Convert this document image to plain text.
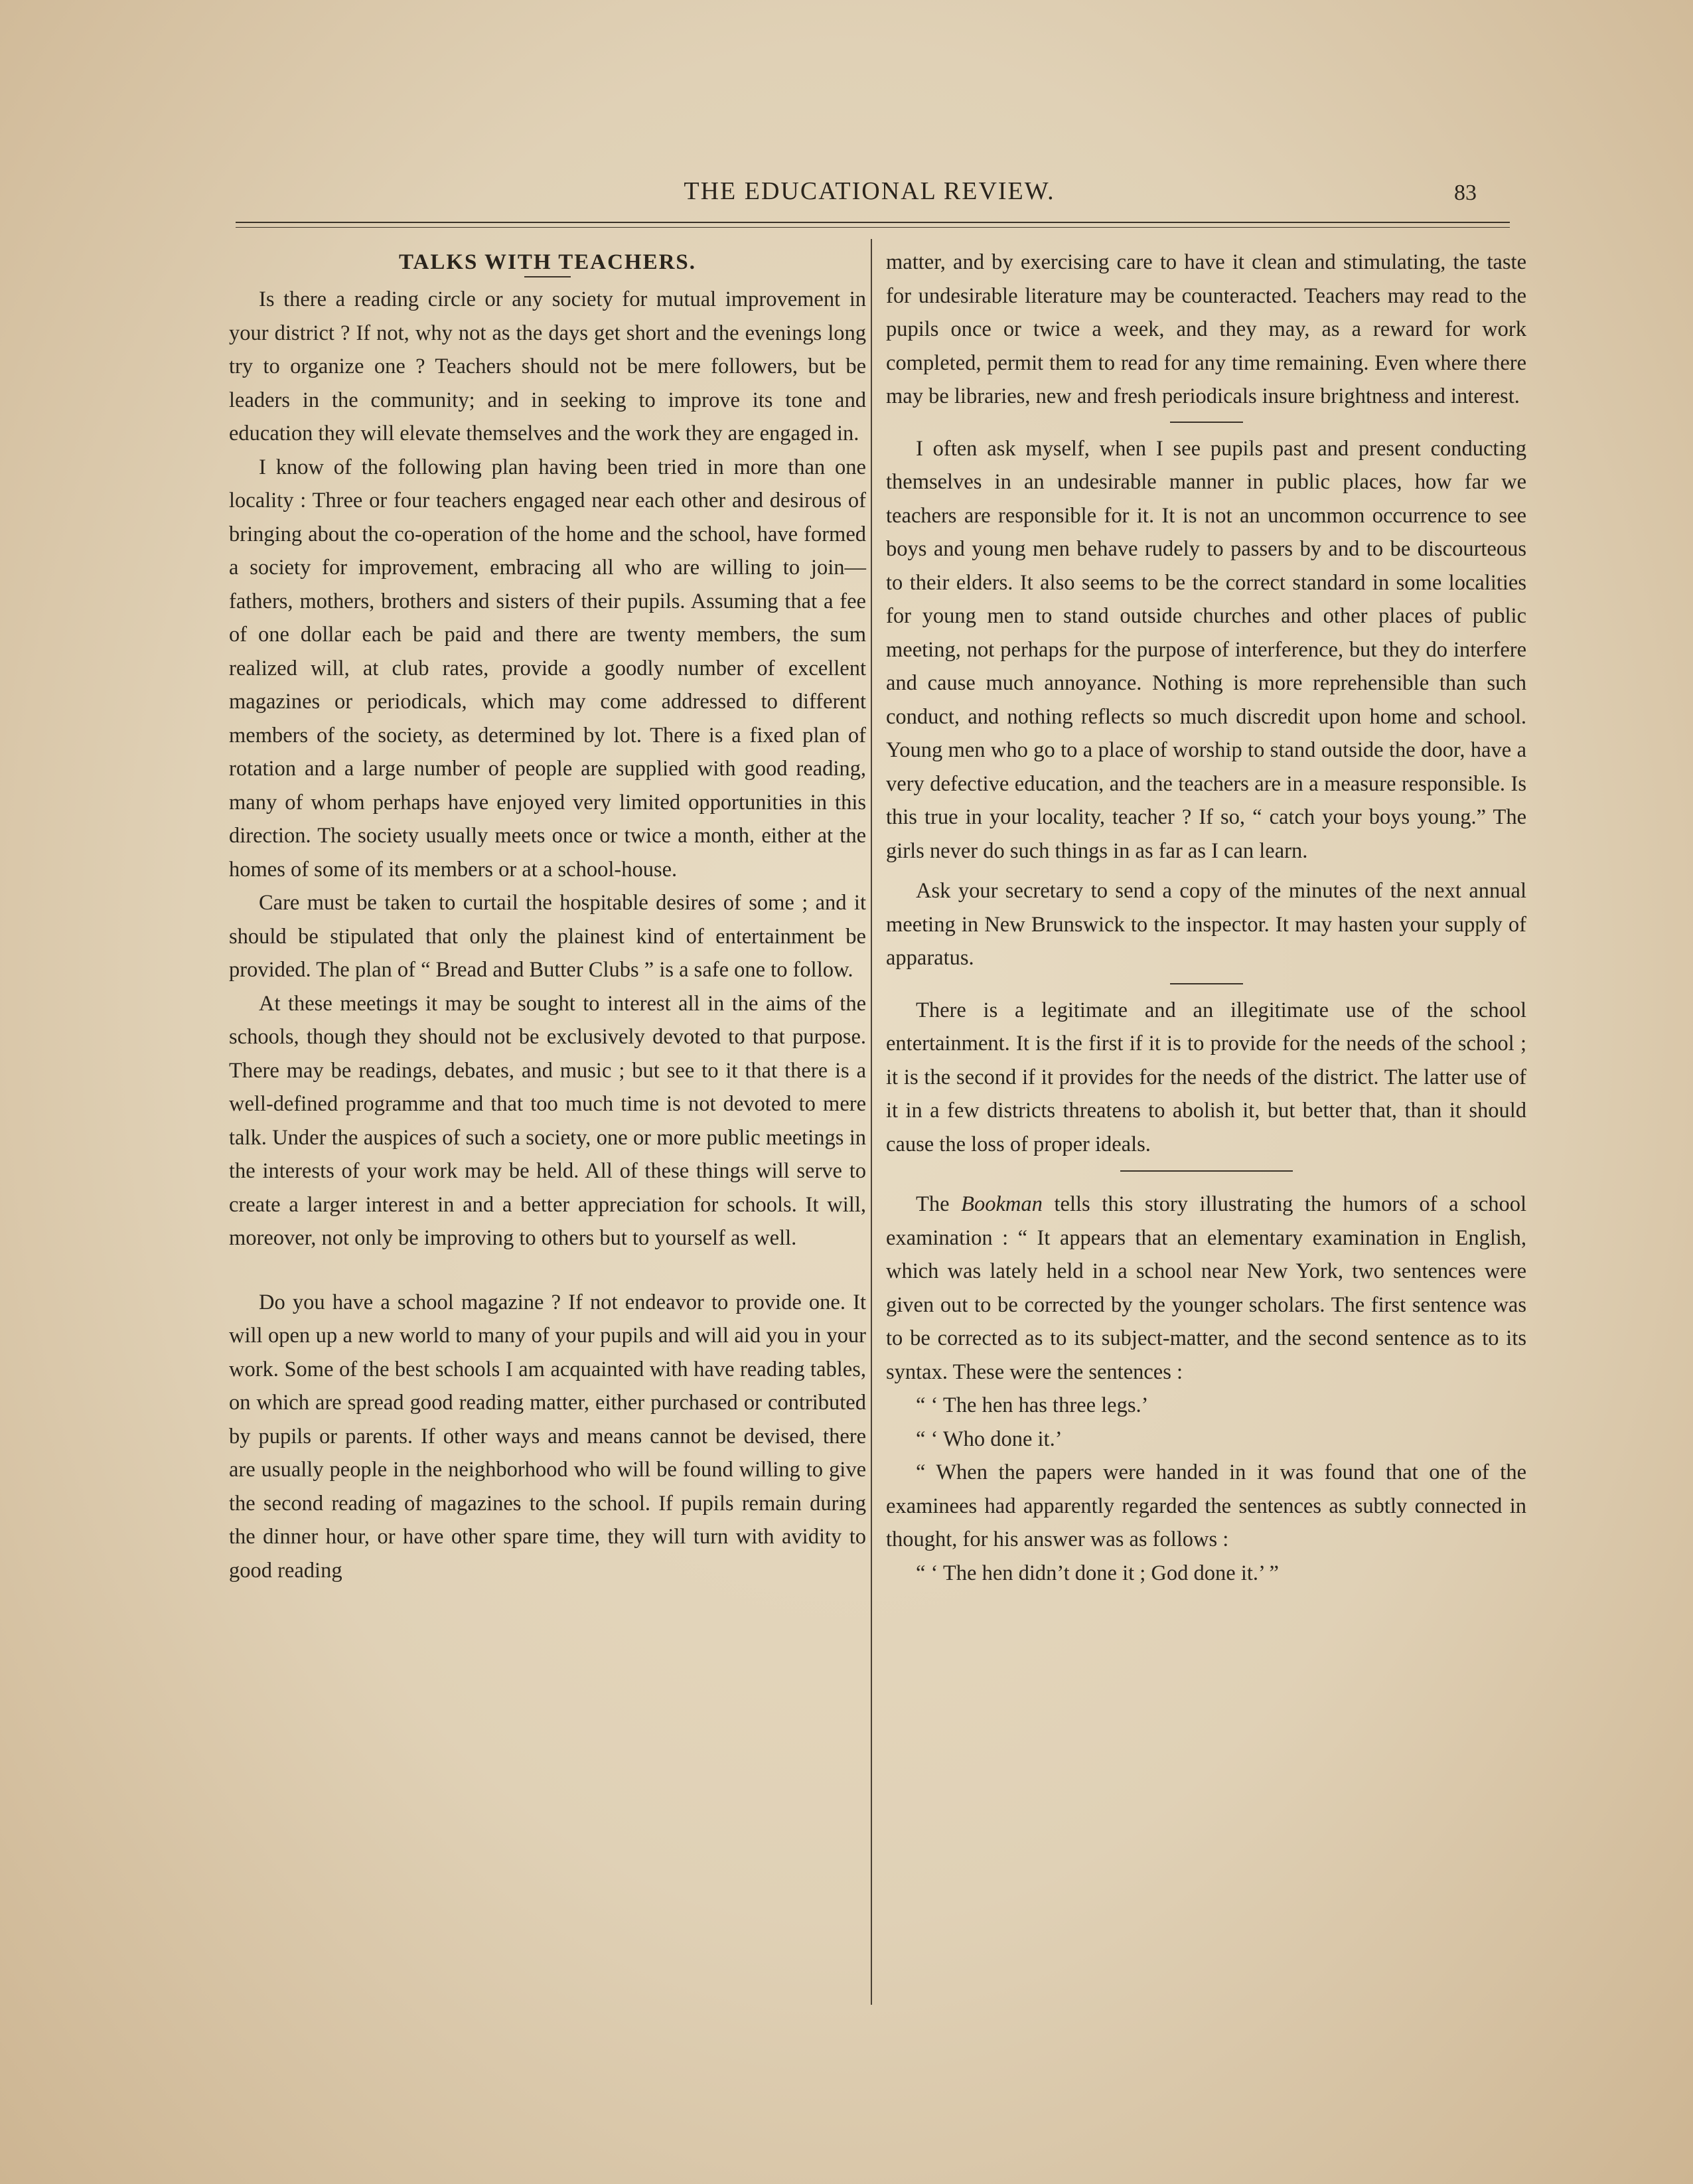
THE EDUCATIONAL REVIEW.	83
TALKS WITH TEACHERS.

Is there a reading circle or any society for mutual improvement in your district ? If not, why not as the days get short and the evenings long try to organize one ? Teachers should not be mere followers, but be leaders in the community; and in seeking to improve its tone and education they will elevate themselves and the work they are engaged in.

I know of the following plan having been tried in more than one locality : Three or four teachers engaged near each other and desirous of bringing about the co-operation of the home and the school, have formed a society for improvement, embracing all who are willing to join—fathers, mothers, brothers and sisters of their pupils. Assuming that a fee of one dollar each be paid and there are twenty members, the sum realized will, at club rates, provide a goodly number of excellent magazines or periodicals, which may come addressed to different members of the society, as determined by lot. There is a fixed plan of rotation and a large number of people are supplied with good reading, many of whom perhaps have enjoyed very limited opportunities in this direction. The society usually meets once or twice a month, either at the homes of some of its members or at a school-house.

Care must be taken to curtail the hospitable desires of some ; and it should be stipulated that only the plainest kind of entertainment be provided. The plan of “ Bread and Butter Clubs ” is a safe one to follow.

At these meetings it may be sought to interest all in the aims of the schools, though they should not be exclusively devoted to that purpose. There may be readings, debates, and music ; but see to it that there is a well-defined programme and that too much time is not devoted to mere talk. Under the auspices of such a society, one or more public meetings in the interests of your work may be held. All of these things will serve to create a larger interest in and a better appreciation for schools. It will, moreover, not only be improving to others but to yourself as well.

Do you have a school magazine ? If not endeavor to provide one. It will open up a new world to many of your pupils and will aid you in your work. Some of the best schools I am acquainted with have reading tables, on which are spread good reading matter, either purchased or contributed by pupils or parents. If other ways and means cannot be devised, there are usually people in the neighborhood who will be found willing to give the second reading of magazines to the school. If pupils remain during the dinner hour, or have other spare time, they will turn with avidity to good reading

matter, and by exercising care to have it clean and stimulating, the taste for undesirable literature may be counteracted. Teachers may read to the pupils once or twice a week, and they may, as a reward for work completed, permit them to read for any time remaining. Even where there may be libraries, new and fresh periodicals insure brightness and interest.

I often ask myself, when I see pupils past and present conducting themselves in an undesirable manner in public places, how far we teachers are responsible for it. It is not an uncommon occurrence to see boys and young men behave rudely to passers by and to be discourteous to their elders. It also seems to be the correct standard in some localities for young men to stand outside churches and other places of public meeting, not perhaps for the purpose of interference, but they do interfere and cause much annoyance. Nothing is more reprehensible than such conduct, and nothing reflects so much discredit upon home and school. Young men who go to a place of worship to stand outside the door, have a very defective education, and the teachers are in a measure responsible. Is this true in your locality, teacher ? If so, “ catch your boys young.” The girls never do such things in as far as I can learn.

Ask your secretary to send a copy of the minutes of the next annual meeting in New Brunswick to the inspector. It may hasten your supply of apparatus.

There is a legitimate and an illegitimate use of the school entertainment. It is the first if it is to provide for the needs of the school ; it is the second if it provides for the needs of the district. The latter use of it in a few districts threatens to abolish it, but better that, than it should cause the loss of proper ideals.

The Bookman tells this story illustrating the humors of a school examination : “ It appears that an elementary examination in English, which was lately held in a school near New York, two sentences were given out to be corrected by the younger scholars. The first sentence was to be corrected as to its subject-matter, and the second sentence as to its syntax. These were the sentences :

“ ‘ The hen has three legs.’

“ ‘ Who done it.’

“ When the papers were handed in it was found that one of the examinees had apparently regarded the sentences as subtly connected in thought, for his answer was as follows :

“ ‘ The hen didn’t done it ; God done it.’ ”
